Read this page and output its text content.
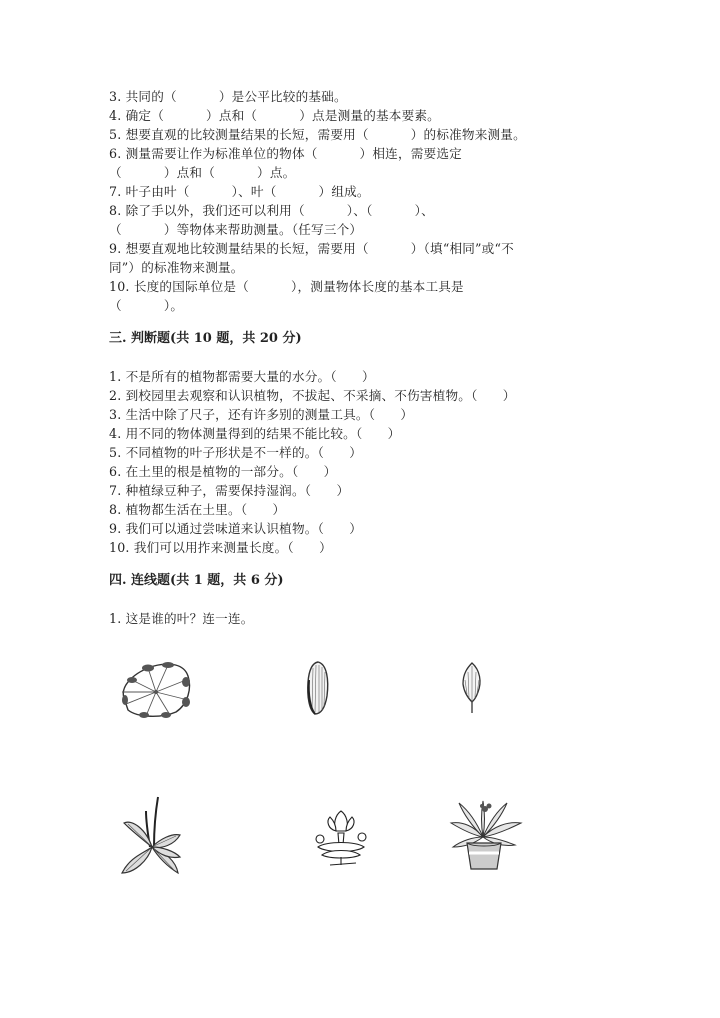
3. 共同的（          ）是公平比较的基础。
4. 确定（          ）点和（          ）点是测量的基本要素。
5. 想要直观的比较测量结果的长短，需要用（          ）的标准物来测量。
6. 测量需要让作为标准单位的物体（          ）相连，需要选定
（          ）点和（          ）点。
7. 叶子由叶（          ）、叶（          ）组成。
8. 除了手以外，我们还可以利用（          ）、（          ）、
（          ）等物体来帮助测量。（任写三个）
9. 想要直观地比较测量结果的长短，需要用（          ）（填“相同”或“不
同”）的标准物来测量。
10. 长度的国际单位是（          ），测量物体长度的基本工具是
（          ）。
三. 判断题(共 10 题，共 20 分)
1. 不是所有的植物都需要大量的水分。（      ）
2. 到校园里去观察和认识植物，不拔起、不采摘、不伤害植物。（      ）
3. 生活中除了尺子，还有许多别的测量工具。（      ）
4. 用不同的物体测量得到的结果不能比较。（      ）
5. 不同植物的叶子形状是不一样的。（      ）
6. 在土里的根是植物的一部分。（      ）
7. 种植绿豆种子，需要保持湿润。（      ）
8. 植物都生活在土里。（      ）
9. 我们可以通过尝味道来认识植物。（      ）
10. 我们可以用拃来测量长度。（      ）
四. 连线题(共 1 题，共 6 分)
1. 这是谁的叶？连一连。
